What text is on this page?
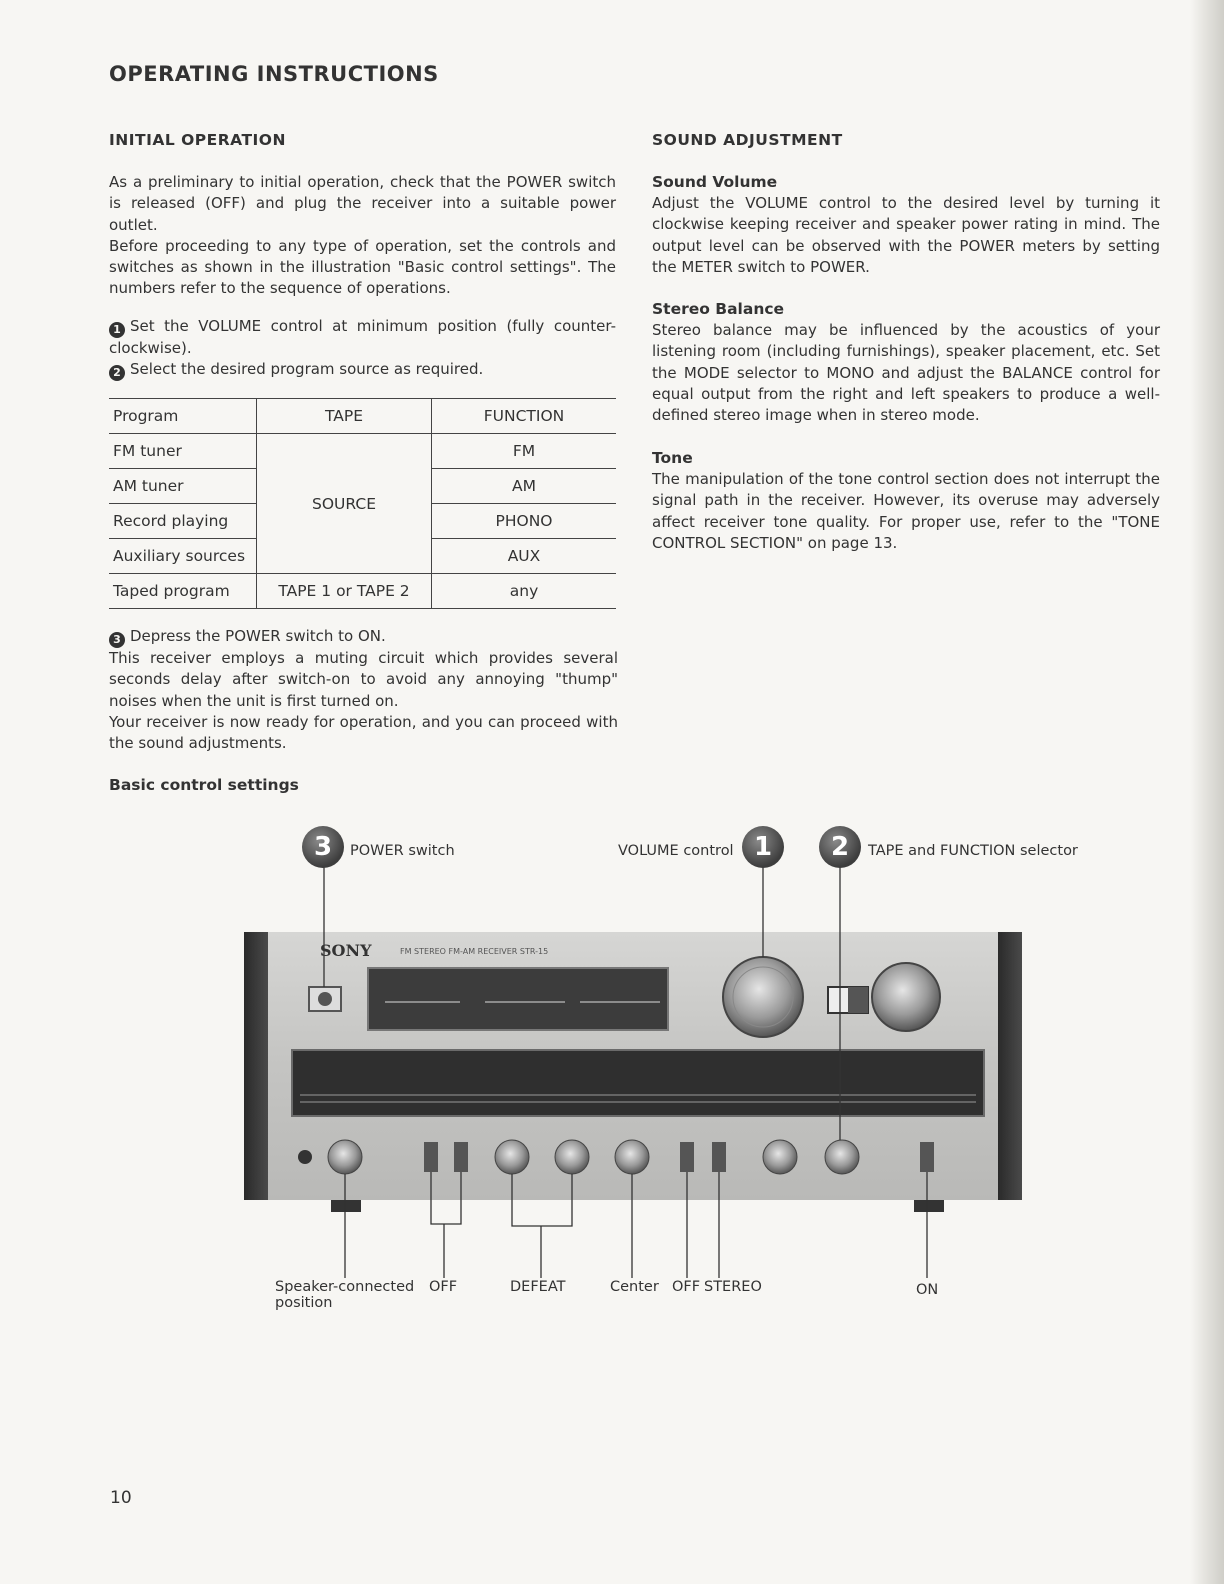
OPERATING INSTRUCTIONS
INITIAL OPERATION

As a preliminary to initial operation, check that the POWER switch is released (OFF) and plug the receiver into a suitable power outlet.

Before proceeding to any type of operation, set the controls and switches as shown in the illustration "Basic control settings". The numbers refer to the sequence of operations.

1 Set the VOLUME control at minimum position (fully counter-clockwise).

2 Select the desired program source as required.

Program	TAPE	FUNCTION
FM tuner	SOURCE	FM
AM tuner		AM
Record playing		PHONO
Auxiliary sources		AUX
Taped program	TAPE 1 or TAPE 2	any

3 Depress the POWER switch to ON.

This receiver employs a muting circuit which provides several seconds delay after switch-on to avoid any annoying "thump" noises when the unit is first turned on.

Your receiver is now ready for operation, and you can proceed with the sound adjustments.

Basic control settings
SOUND ADJUSTMENT

Sound Volume

Adjust the VOLUME control to the desired level by turning it clockwise keeping receiver and speaker power rating in mind. The output level can be observed with the POWER meters by setting the METER switch to POWER.

Stereo Balance

Stereo balance may be influenced by the acoustics of your listening room (including furnishings), speaker placement, etc. Set the MODE selector to MONO and adjust the BALANCE control for equal output from the right and left speakers to produce a well-defined stereo image when in stereo mode.

Tone

The manipulation of the tone control section does not interrupt the signal path in the receiver. However, its overuse may adversely affect receiver tone quality. For proper use, refer to the "TONE CONTROL SECTION" on page 13.

SONY	FM STEREO FM-AM RECEIVER STR-15
3	1	2
POWER switch	VOLUME control	TAPE and FUNCTION selector
Speaker-connected
position
OFF	DEFEAT	Center OFF STEREO	ON
10
